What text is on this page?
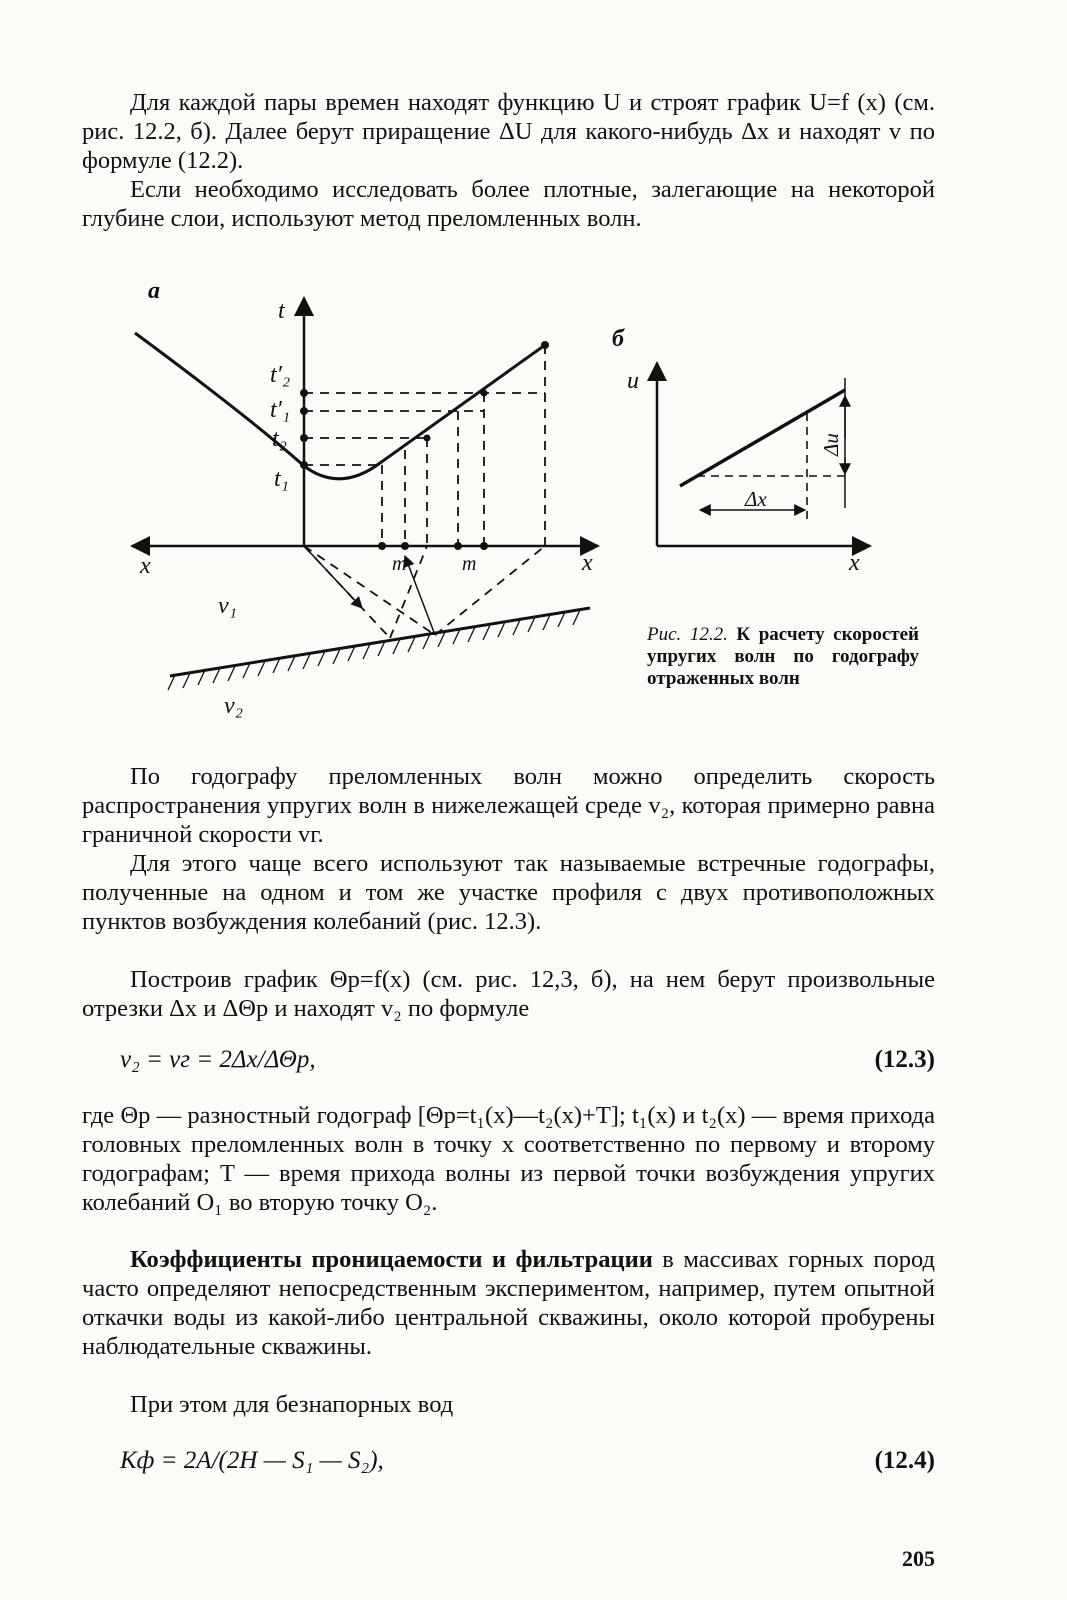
Для каждой пары времен находят функцию U и строят график U=f (x) (см. рис. 12.2, б). Далее берут приращение ΔU для какого-нибудь Δx и находят v по формуле (12.2).

Если необходимо исследовать более плотные, залегающие на некоторой глубине слои, используют метод преломленных волн.

а
t
t′₂
t′₁
t₂
t₁
x	x
m	m
v₁
v₂
б
u
x
Δx
Δu
Рис. 12.2. К расчету скоростей упругих волн по годографу отраженных волн

По годографу преломленных волн можно определить скорость распространения упругих волн в нижележащей среде v₂, которая примерно равна граничной скорости vг.

Для этого чаще всего используют так называемые встречные годографы, полученные на одном и том же участке профиля с двух противоположных пунктов возбуждения колебаний (рис. 12.3).

Построив график Θр=f(x) (см. рис. 12,3, б), на нем берут произвольные отрезки Δx и ΔΘр и находят v₂ по формуле

v₂ = vг = 2Δx/ΔΘр,	(12.3)

где Θр — разностный годограф [Θр=t₁(x)—t₂(x)+T]; t₁(x) и t₂(x) — время прихода головных преломленных волн в точку x соответственно по первому и второму годографам; T — время прихода волны из первой точки возбуждения упругих колебаний O₁ во вторую точку O₂.

Коэффициенты проницаемости и фильтрации в массивах горных пород часто определяют непосредственным экспериментом, например, путем опытной откачки воды из какой-либо центральной скважины, около которой пробурены наблюдательные скважины.

При этом для безнапорных вод

Kф = 2A/(2H — S₁ — S₂),	(12.4)
205
